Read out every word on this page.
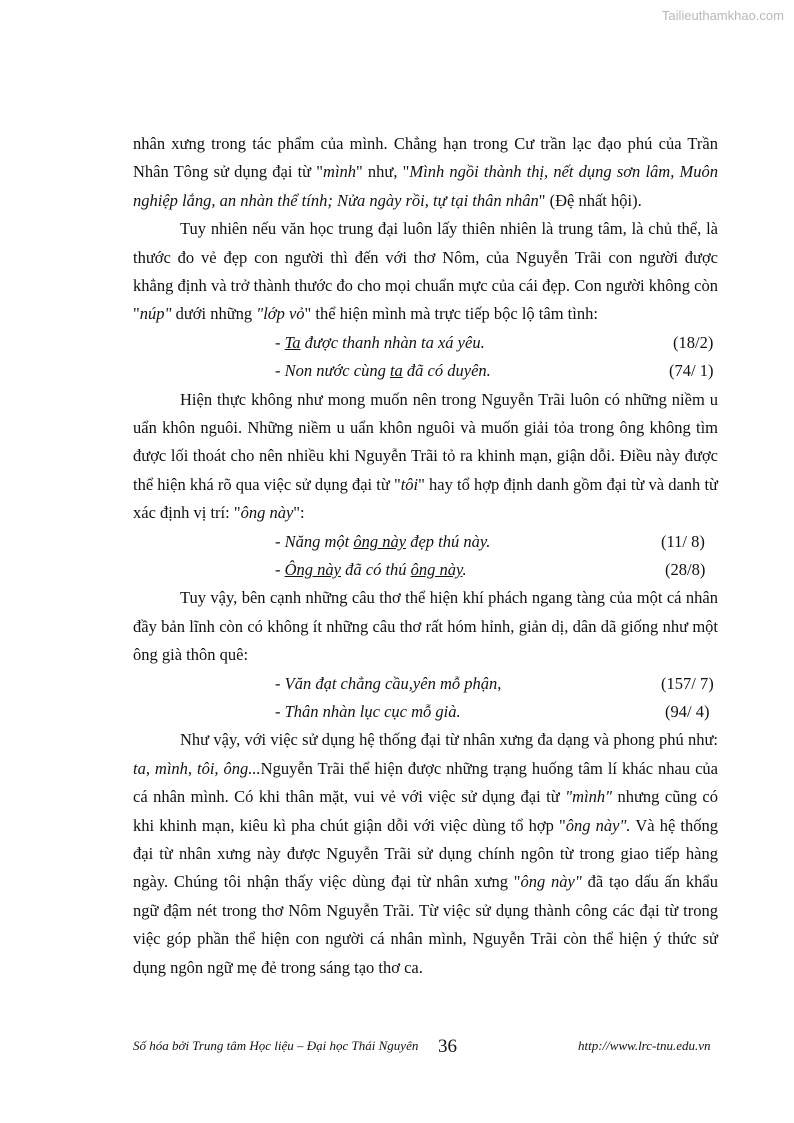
Tailieuthamkhao.com

nhân xưng trong tác phẩm của mình. Chẳng hạn trong Cư trần lạc đạo phú của Trần Nhân Tông sử dụng đại từ "mình" như, "Mình ngồi thành thị, nết dụng sơn lâm, Muôn nghiệp lắng, an nhàn thể tính; Nửa ngày rồi, tự tại thân nhân" (Đệ nhất hội).

Tuy nhiên nếu văn học trung đại luôn lấy thiên nhiên là trung tâm, là chủ thể, là thước đo vẻ đẹp con người thì đến với thơ Nôm, của Nguyễn Trãi con người được khẳng định và trở thành thước đo cho mọi chuẩn mực của cái đẹp. Con người không còn "núp" dưới những "lớp vỏ" thể hiện mình mà trực tiếp bộc lộ tâm tình:

- Ta được thanh nhàn ta xá yêu.	(18/2)
- Non nước cùng ta đã có duyên.	(74/ 1)

Hiện thực không như mong muốn nên trong Nguyễn Trãi luôn có những niềm u uẩn khôn nguôi. Những niềm u uẩn khôn nguôi và muốn giải tỏa trong ông không tìm được lối thoát cho nên nhiều khi Nguyễn Trãi tỏ ra khinh mạn, giận dỗi. Điều này được thể hiện khá rõ qua việc sử dụng đại từ "tôi" hay tổ hợp định danh gồm đại từ và danh từ xác định vị trí: "ông này":

- Năng một ông này đẹp thú này.	(11/ 8)
- Ông này đã có thú ông này.	(28/8)

Tuy vậy, bên cạnh những câu thơ thể hiện khí phách ngang tàng của một cá nhân đầy bản lĩnh còn có không ít những câu thơ rất hóm hỉnh, giản dị, dân dã giống như một ông già thôn quê:

- Văn đạt chẳng cầu,yên mỗ phận,	(157/ 7)
- Thân nhàn lục cục mỗ già.	(94/ 4)

Như vậy, với việc sử dụng hệ thống đại từ nhân xưng đa dạng và phong phú như: ta, mình, tôi, ông...Nguyễn Trãi thể hiện được những trạng huống tâm lí khác nhau của cá nhân mình. Có khi thân mặt, vui vẻ với việc sử dụng đại từ "mình" nhưng cũng có khi khinh mạn, kiêu kì pha chút giận dỗi với việc dùng tổ hợp "ông này". Và hệ thống đại từ nhân xưng này được Nguyễn Trãi sử dụng chính ngôn từ trong giao tiếp hàng ngày. Chúng tôi nhận thấy việc dùng đại từ nhân xưng "ông này" đã tạo dấu ấn khẩu ngữ đậm nét trong thơ Nôm Nguyễn Trãi. Từ việc sử dụng thành công các đại từ trong việc góp phần thể hiện con người cá nhân mình, Nguyễn Trãi còn thể hiện ý thức sử dụng ngôn ngữ mẹ đẻ trong sáng tạo thơ ca.

Số hóa bởi Trung tâm Học liệu – Đại học Thái Nguyên 36	http://www.lrc-tnu.edu.vn
